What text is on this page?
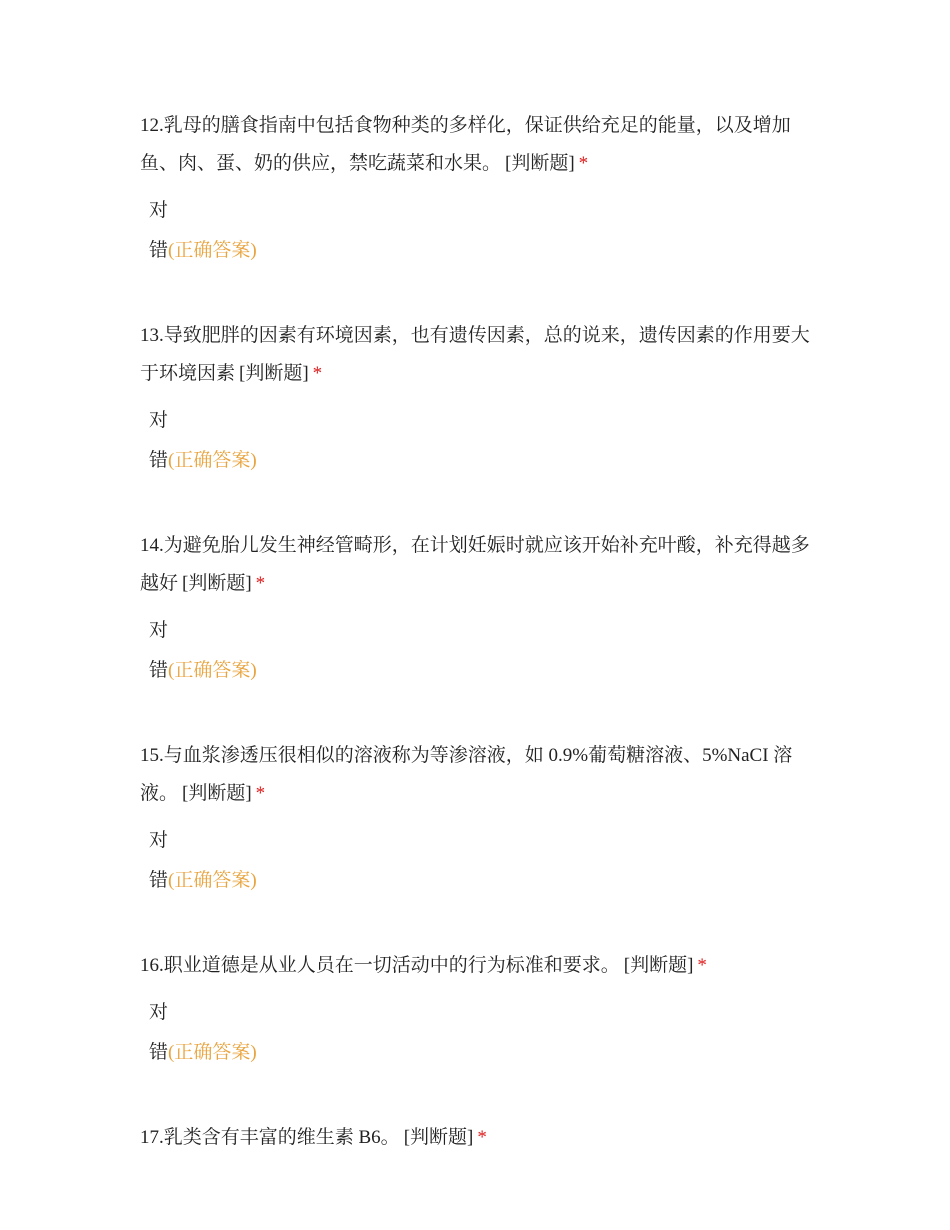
12.乳母的膳食指南中包括食物种类的多样化，保证供给充足的能量，以及增加鱼、肉、蛋、奶的供应，禁吃蔬菜和水果。 [判断题] *

对
错(正确答案)

13.导致肥胖的因素有环境因素，也有遗传因素，总的说来，遗传因素的作用要大于环境因素 [判断题] *

对
错(正确答案)

14.为避免胎儿发生神经管畸形，在计划妊娠时就应该开始补充叶酸，补充得越多越好 [判断题] *

对
错(正确答案)

15.与血浆渗透压很相似的溶液称为等渗溶液，如 0.9%葡萄糖溶液、5%NaCI 溶液。 [判断题] *

对
错(正确答案)

16.职业道德是从业人员在一切活动中的行为标准和要求。 [判断题] *

对
错(正确答案)

17.乳类含有丰富的维生素 B6。 [判断题] *
